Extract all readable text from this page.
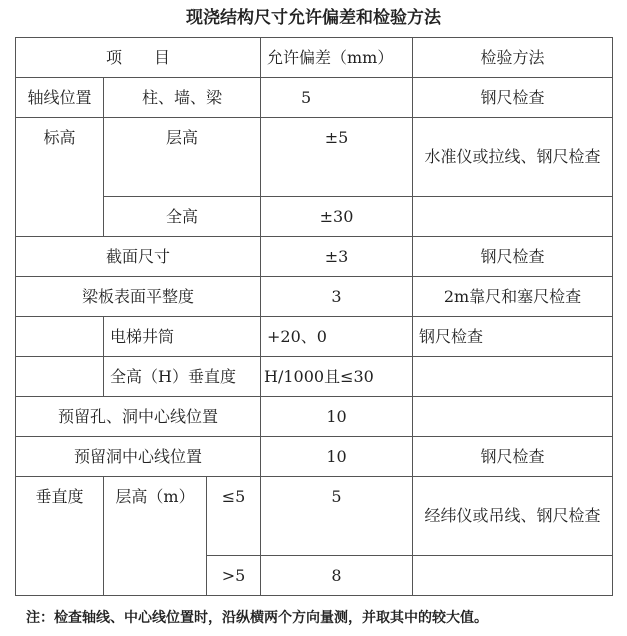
现浇结构尺寸允许偏差和检验方法
项　　目			允许偏差（mm）	检验方法
轴线位置	柱、墙、梁		5	钢尺检查
标高	层高		±5	水准仪或拉线、钢尺检查
	全高		±30	
截面尺寸			±3	钢尺检查
梁板表面平整度			3	2m靠尺和塞尺检查
	电梯井筒		+20、0	钢尺检查
	全高（H）垂直度		H/1000且≤30	
预留孔、洞中心线位置			10	
预留洞中心线位置			10	钢尺检查
垂直度	层高（m）	≤5	5	经纬仪或吊线、钢尺检查
		>5	8	
注：检查轴线、中心线位置时，沿纵横两个方向量测，并取其中的较大值。
